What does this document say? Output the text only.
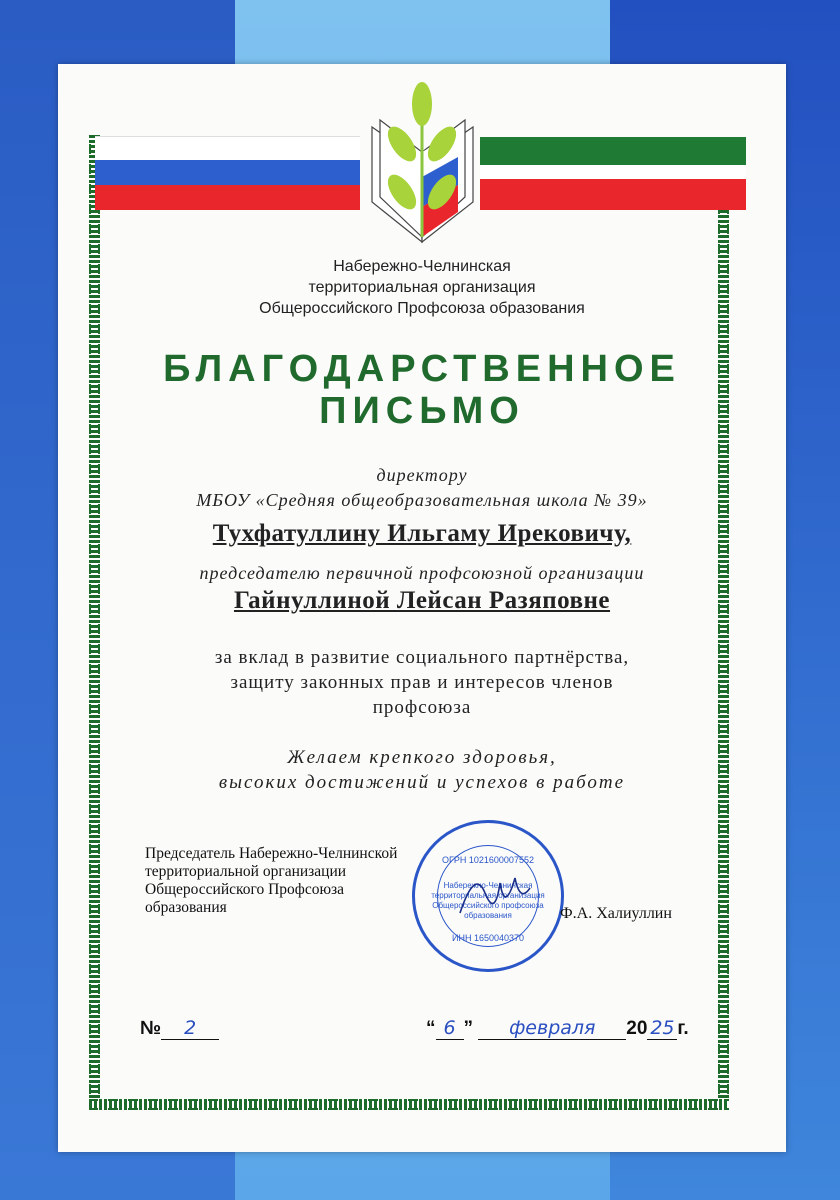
Набережно-Челнинская
территориальная организация
Общероссийского Профсоюза образования
БЛАГОДАРСТВЕННОЕ
ПИСЬМО
директору
МБОУ «Средняя общеобразовательная школа № 39»
Тухфатуллину Ильгаму Ирековичу,
председателю первичной профсоюзной организации
Гайнуллиной Лейсан Разяповне
за вклад в развитие социального партнёрства,
защиту законных прав и интересов членов
профсоюза
Желаем крепкого здоровья,
высоких достижений и успехов в работе
Председатель Набережно-Челнинской
территориальной организации
Общероссийского Профсоюза
образования
ОГРН 1021600007552
Набережно-Челнинская
территориальная организация
Общероссийского профсоюза
образования
ИНН 1650040370
Ф.А. Халиуллин
№ 2	“ 6 ” февраля 20 25 г.
